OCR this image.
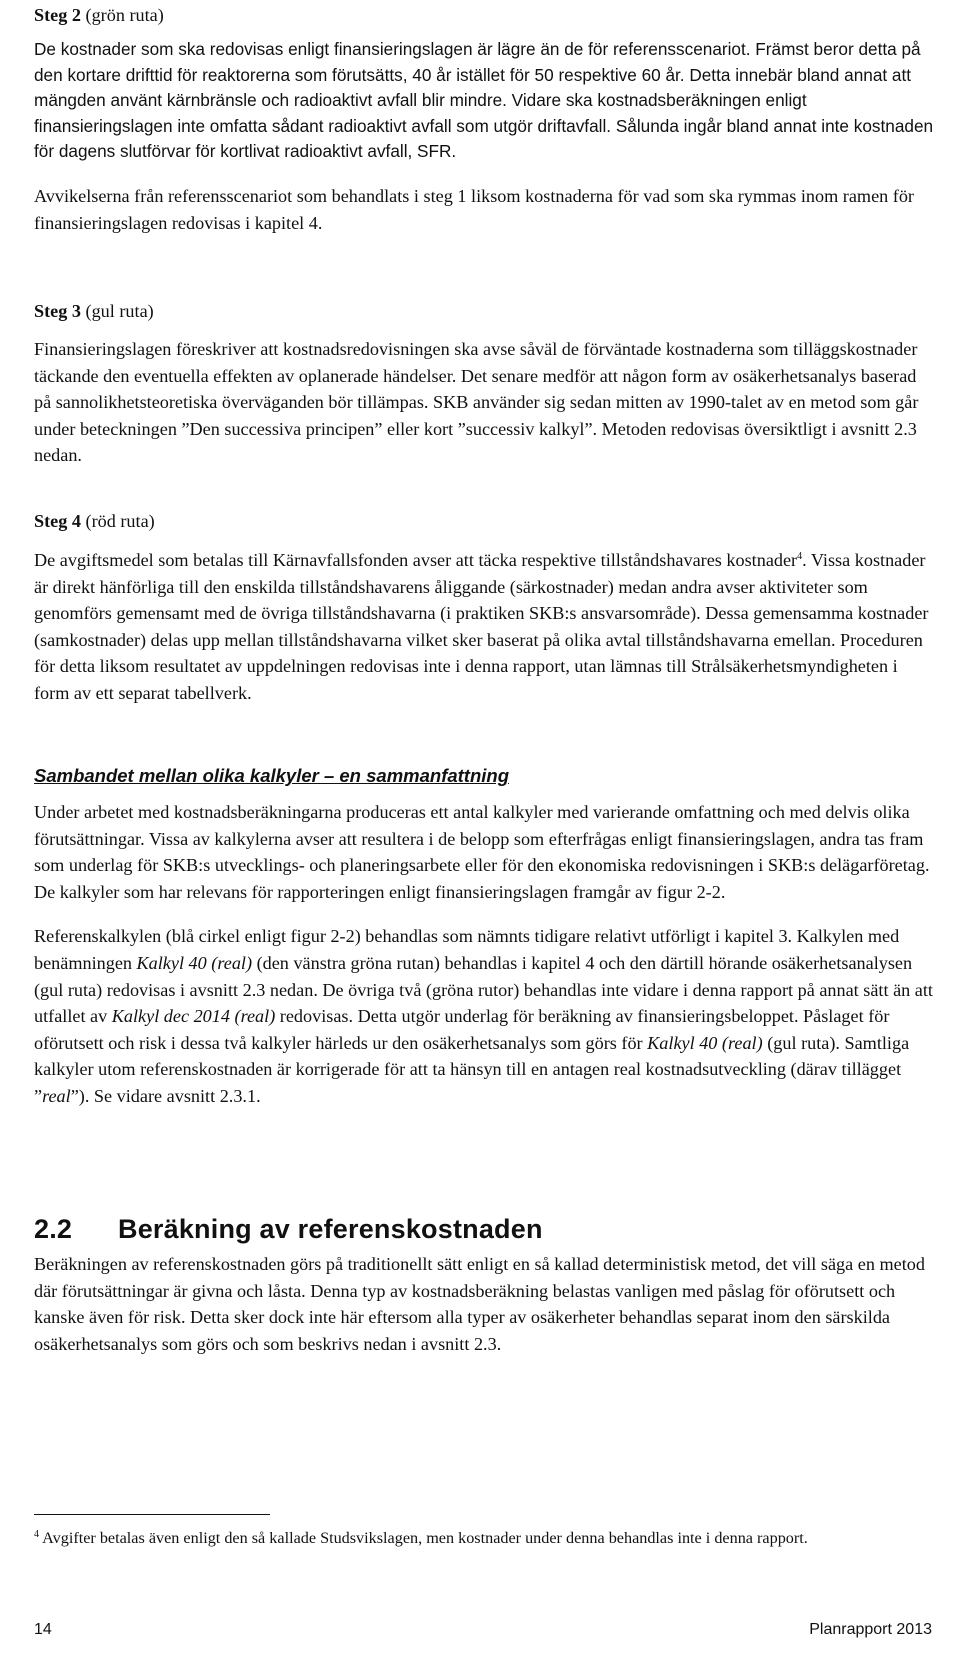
Steg 2 (grön ruta)

De kostnader som ska redovisas enligt finansieringslagen är lägre än de för referensscenariot. Främst beror detta på den kortare drifttid för reaktorerna som förutsätts, 40 år istället för 50 respektive 60 år. Detta innebär bland annat att mängden använt kärnbränsle och radioaktivt avfall blir mindre. Vidare ska kostnadsberäkningen enligt finansieringslagen inte omfatta sådant radioaktivt avfall som utgör driftavfall. Sålunda ingår bland annat inte kostnaden för dagens slutförvar för kortlivat radioaktivt avfall, SFR.

Avvikelserna från referensscenariot som behandlats i steg 1 liksom kostnaderna för vad som ska rymmas inom ramen för finansieringslagen redovisas i kapitel 4.

Steg 3 (gul ruta)

Finansieringslagen föreskriver att kostnadsredovisningen ska avse såväl de förväntade kostnaderna som tilläggskostnader täckande den eventuella effekten av oplanerade händelser. Det senare medför att någon form av osäkerhetsanalys baserad på sannolikhetsteoretiska överväganden bör tillämpas. SKB använder sig sedan mitten av 1990-talet av en metod som går under beteckningen ”Den successiva principen” eller kort ”successiv kalkyl”. Metoden redovisas översiktligt i avsnitt 2.3 nedan.

Steg 4 (röd ruta)

De avgiftsmedel som betalas till Kärnavfallsfonden avser att täcka respektive tillståndshavares kostnader$^4$. Vissa kostnader är direkt hänförliga till den enskilda tillståndshavarens åliggande (särkostnader) medan andra avser aktiviteter som genomförs gemensamt med de övriga tillståndshavarna (i praktiken SKB:s ansvarsområde). Dessa gemensamma kostnader (samkostnader) delas upp mellan tillståndshavarna vilket sker baserat på olika avtal tillståndshavarna emellan. Proceduren för detta liksom resultatet av uppdelningen redovisas inte i denna rapport, utan lämnas till Strålsäkerhetsmyndigheten i form av ett separat tabellverk.

Sambandet mellan olika kalkyler – en sammanfattning

Under arbetet med kostnadsberäkningarna produceras ett antal kalkyler med varierande omfattning och med delvis olika förutsättningar. Vissa av kalkylerna avser att resultera i de belopp som efterfrågas enligt finansieringslagen, andra tas fram som underlag för SKB:s utvecklings- och planeringsarbete eller för den ekonomiska redovisningen i SKB:s delägarföretag. De kalkyler som har relevans för rapporteringen enligt finansieringslagen framgår av figur 2-2.

Referenskalkylen (blå cirkel enligt figur 2-2) behandlas som nämnts tidigare relativt utförligt i kapitel 3. Kalkylen med benämningen Kalkyl 40 (real) (den vänstra gröna rutan) behandlas i kapitel 4 och den därtill hörande osäkerhetsanalysen (gul ruta) redovisas i avsnitt 2.3 nedan. De övriga två (gröna rutor) behandlas inte vidare i denna rapport på annat sätt än att utfallet av Kalkyl dec 2014 (real) redovisas. Detta utgör underlag för beräkning av finansieringsbeloppet. Påslaget för oförutsett och risk i dessa två kalkyler härleds ur den osäkerhetsanalys som görs för Kalkyl 40 (real) (gul ruta). Samtliga kalkyler utom referenskostnaden är korrigerade för att ta hänsyn till en antagen real kostnadsutveckling (därav tillägget ”real”). Se vidare avsnitt 2.3.1.

2.2 Beräkning av referenskostnaden

Beräkningen av referenskostnaden görs på traditionellt sätt enligt en så kallad deterministisk metod, det vill säga en metod där förutsättningar är givna och låsta. Denna typ av kostnadsberäkning belastas vanligen med påslag för oförutsett och kanske även för risk. Detta sker dock inte här eftersom alla typer av osäkerheter behandlas separat inom den särskilda osäkerhetsanalys som görs och som beskrivs nedan i avsnitt 2.3.

$^4$ Avgifter betalas även enligt den så kallade Studsvikslagen, men kostnader under denna behandlas inte i denna rapport.

14	Planrapport 2013
